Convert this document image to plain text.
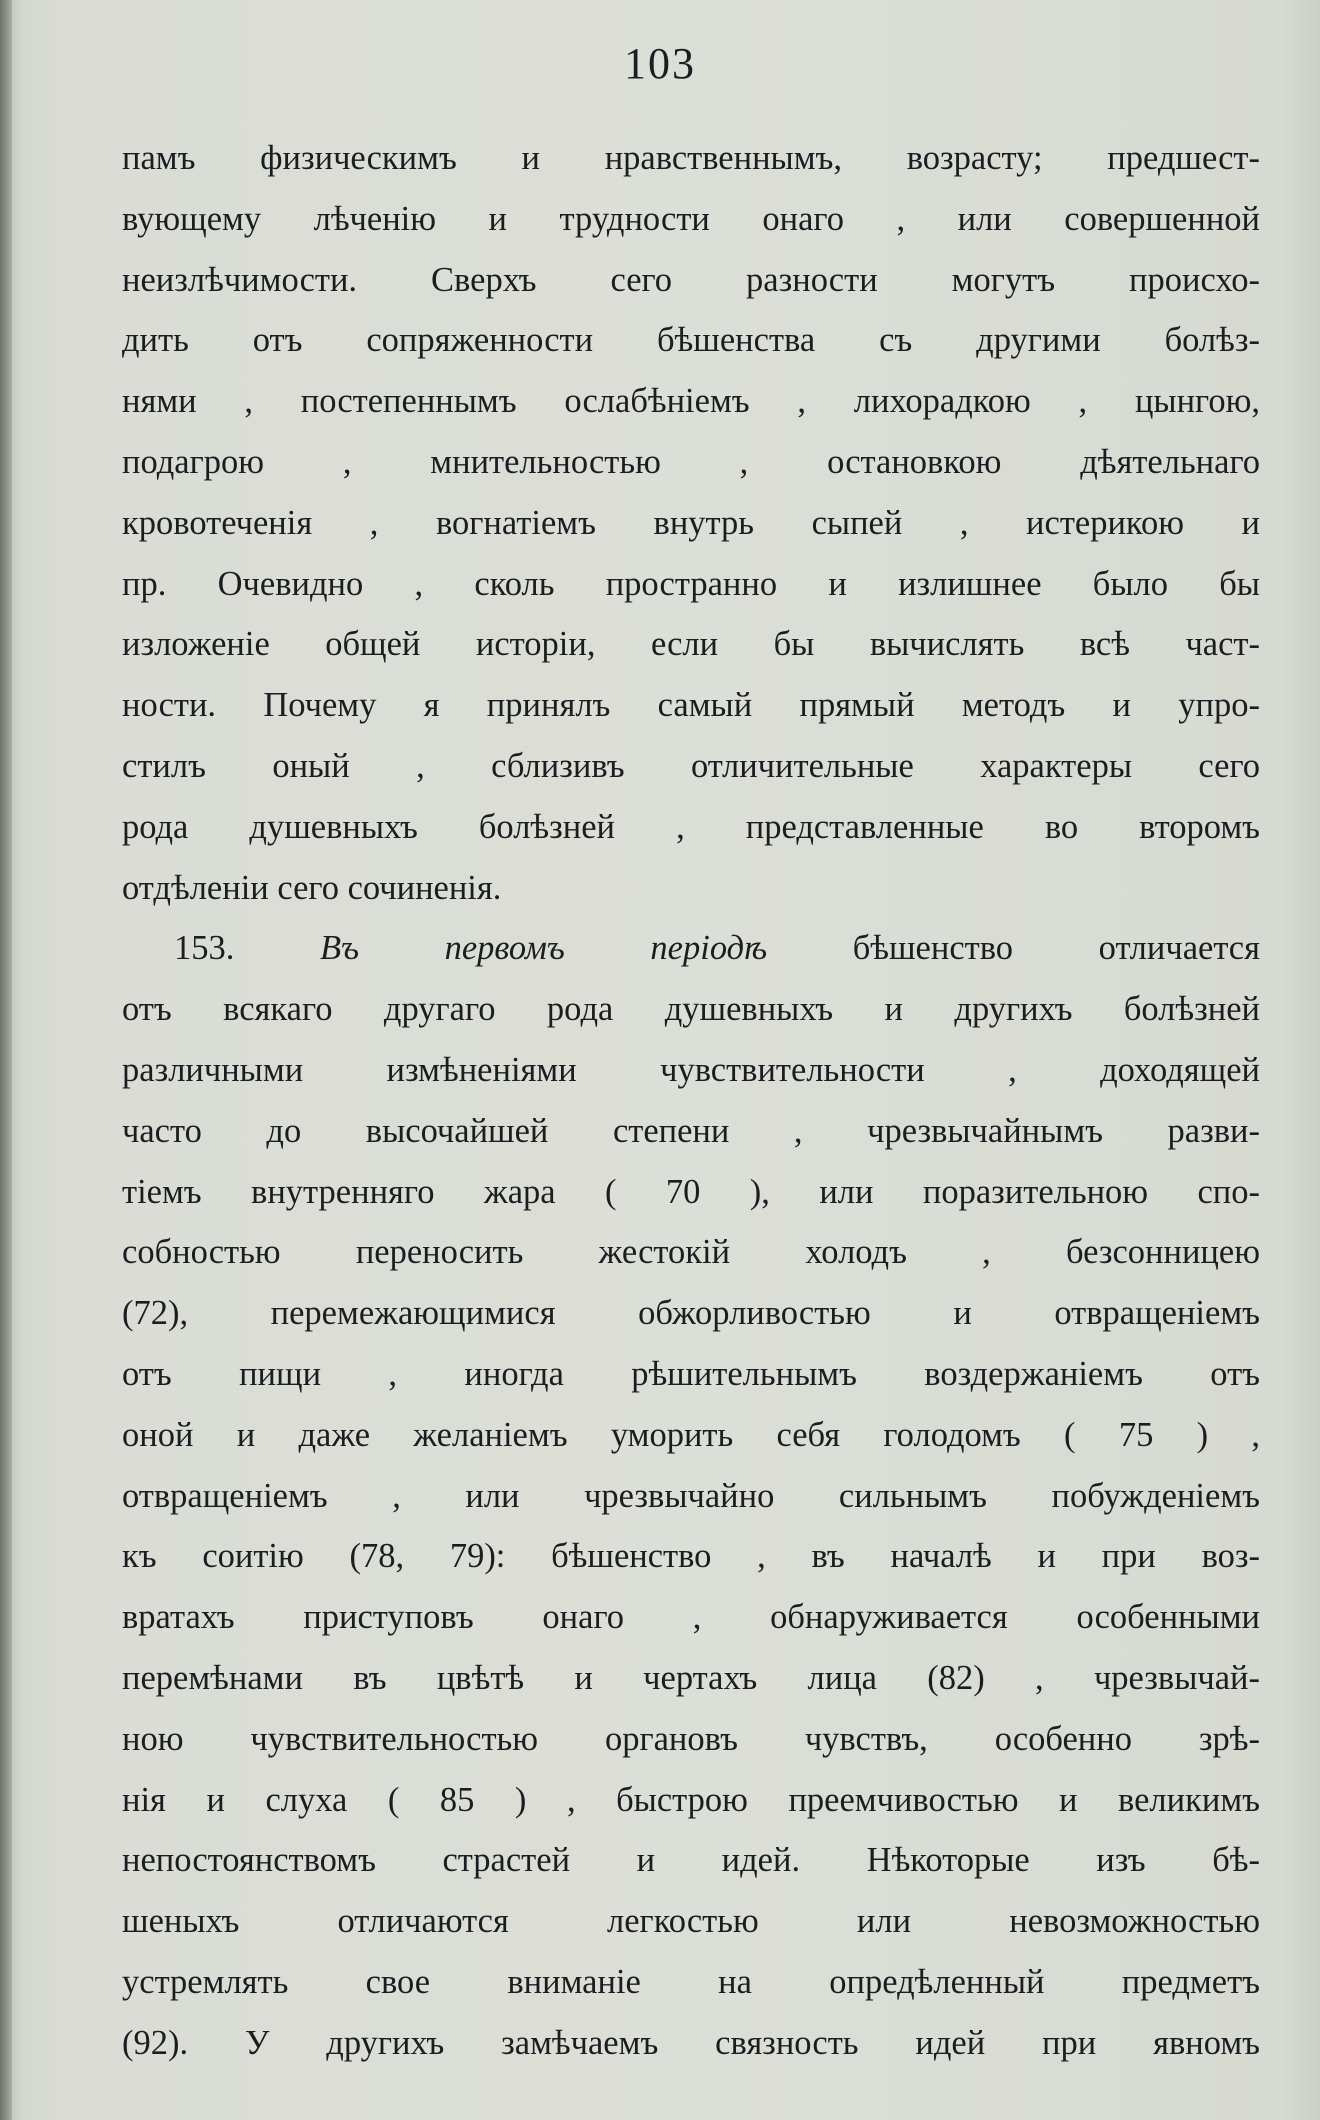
103
памъ физическимъ и нравственнымъ, возрасту; предшест-
вующему лѣченію и трудности онаго , или совершенной
неизлѣчимости. Сверхъ сего разности могутъ происхо-
дить отъ сопряженности бѣшенства съ другими болѣз-
нями , постепеннымъ ослабѣніемъ , лихорадкою , цынгою,
подагрою , мнительностью , остановкою дѣятельнаго
кровотеченія , вогнатіемъ внутрь сыпей , истерикою и
пр. Очевидно , сколь пространно и излишнее было бы
изложеніе общей исторіи, если бы вычислять всѣ част-
ности. Почему я принялъ самый прямый методъ и упро-
стилъ оный , сблизивъ отличительные характеры сего
рода душевныхъ болѣзней , представленные во второмъ
отдѣленіи сего сочиненія.
153. Въ первомъ періодѣ бѣшенство отличается
отъ всякаго другаго рода душевныхъ и другихъ болѣзней
различными измѣненіями чувствительности , доходящей
часто до высочайшей степени , чрезвычайнымъ разви-
тіемъ внутренняго жара ( 70 ), или поразительною спо-
собностью переносить жестокій холодъ , безсонницею
(72), перемежающимися обжорливостью и отвращеніемъ
отъ пищи , иногда рѣшительнымъ воздержаніемъ отъ
оной и даже желаніемъ уморить себя голодомъ ( 75 ) ,
отвращеніемъ , или чрезвычайно сильнымъ побужденіемъ
къ соитію (78, 79): бѣшенство , въ началѣ и при воз-
вратахъ приступовъ онаго , обнаруживается особенными
перемѣнами въ цвѣтѣ и чертахъ лица (82) , чрезвычай-
ною чувствительностью органовъ чувствъ, особенно зрѣ-
нія и слуха ( 85 ) , быстрою преемчивостью и великимъ
непостоянствомъ страстей и идей. Нѣкоторые изъ бѣ-
шеныхъ отличаются легкостью или невозможностью
устремлять свое вниманіе на опредѣленный предметъ
(92). У другихъ замѣчаемъ связность идей при явномъ
